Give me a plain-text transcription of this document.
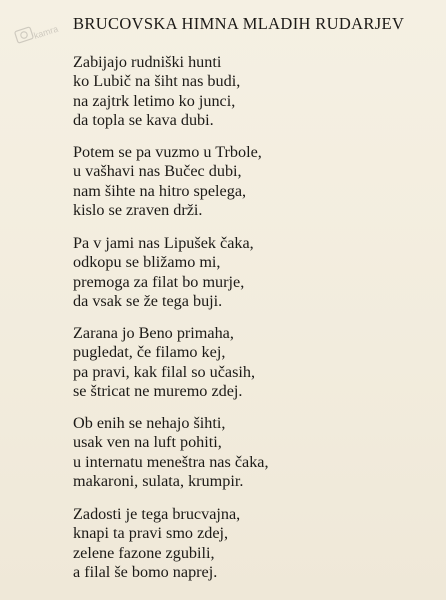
kamra BRUCOVSKA HIMNA MLADIH RUDARJEV
Zabijajo rudniški hunti
ko Lubič na šiht nas budi,
na zajtrk letimo ko junci,
da topla se kava dubi.
Potem se pa vuzmo u Trbole,
u vašhavi nas Bučec dubi,
nam šihte na hitro spelega,
kislo se zraven drži.
Pa v jami nas Lipušek čaka,
odkopu se bližamo mi,
premoga za filat bo murje,
da vsak se že tega buji.
Zarana jo Beno primaha,
pugledat, če filamo kej,
pa pravi, kak filal so učasih,
se štricat ne muremo zdej.
Ob enih se nehajo šihti,
usak ven na luft pohiti,
u internatu meneštra nas čaka,
makaroni, sulata, krumpir.
Zadosti je tega brucvajna,
knapi ta pravi smo zdej,
zelene fazone zgubili,
a filal še bomo naprej.
